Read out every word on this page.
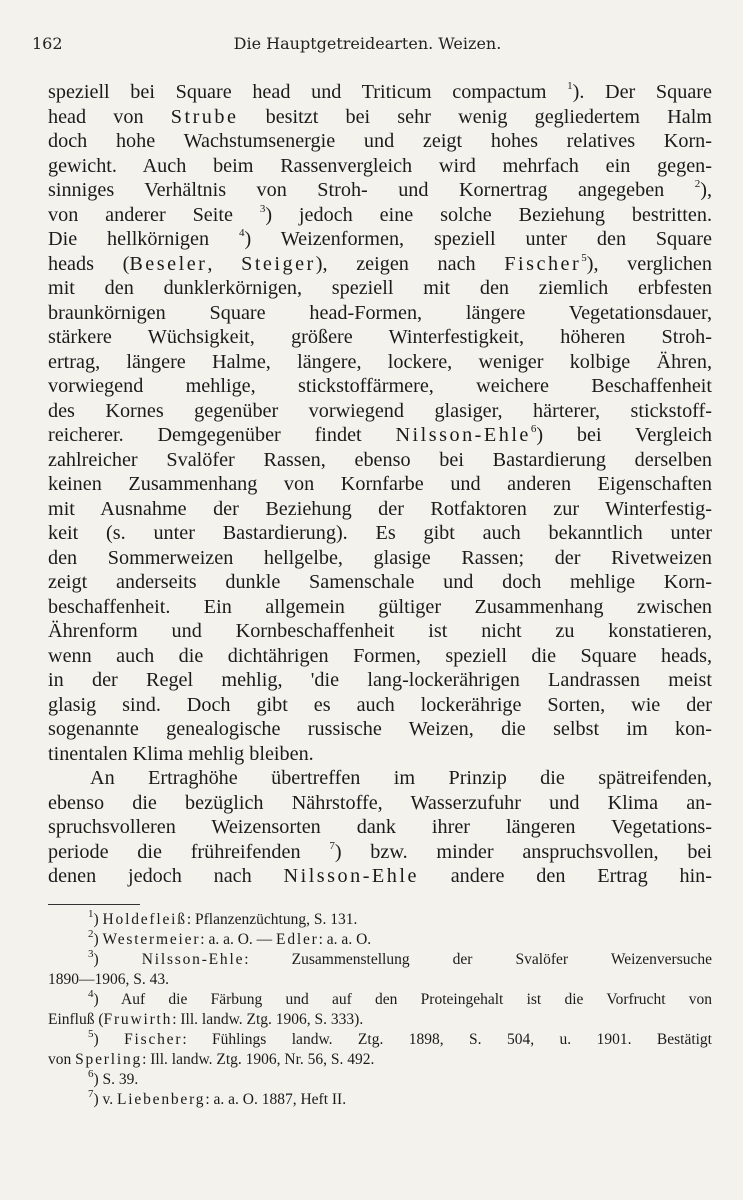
162	Die Hauptgetreidearten. Weizen.
speziell bei Square head und Triticum compactum $^1$). Der Square
head von Strube besitzt bei sehr wenig gegliedertem Halm
doch hohe Wachstumsenergie und zeigt hohes relatives Korn-
gewicht. Auch beim Rassenvergleich wird mehrfach ein gegen-
sinniges Verhältnis von Stroh- und Kornertrag angegeben $^2$),
von anderer Seite $^3$) jedoch eine solche Beziehung bestritten.
Die hellkörnigen $^4$) Weizenformen, speziell unter den Square
heads (Beseler, Steiger), zeigen nach Fischer$^5$), verglichen
mit den dunklerkörnigen, speziell mit den ziemlich erbfesten
braunkörnigen Square head-Formen, längere Vegetationsdauer,
stärkere Wüchsigkeit, größere Winterfestigkeit, höheren Stroh-
ertrag, längere Halme, längere, lockere, weniger kolbige Ähren,
vorwiegend mehlige, stickstoffärmere, weichere Beschaffenheit
des Kornes gegenüber vorwiegend glasiger, härterer, stickstoff-
reicherer. Demgegenüber findet Nilsson-Ehle$^6$) bei Vergleich
zahlreicher Svalöfer Rassen, ebenso bei Bastardierung derselben
keinen Zusammenhang von Kornfarbe und anderen Eigenschaften
mit Ausnahme der Beziehung der Rotfaktoren zur Winterfestig-
keit (s. unter Bastardierung). Es gibt auch bekanntlich unter
den Sommerweizen hellgelbe, glasige Rassen; der Rivetweizen
zeigt anderseits dunkle Samenschale und doch mehlige Korn-
beschaffenheit. Ein allgemein gültiger Zusammenhang zwischen
Ährenform und Kornbeschaffenheit ist nicht zu konstatieren,
wenn auch die dichtährigen Formen, speziell die Square heads,
in der Regel mehlig, 'die lang-lockerährigen Landrassen meist
glasig sind. Doch gibt es auch lockerährige Sorten, wie der
sogenannte genealogische russische Weizen, die selbst im kon-
tinentalen Klima mehlig bleiben.
An Ertraghöhe übertreffen im Prinzip die spätreifenden,
ebenso die bezüglich Nährstoffe, Wasserzufuhr und Klima an-
spruchsvolleren Weizensorten dank ihrer längeren Vegetations-
periode die frühreifenden $^7$) bzw. minder anspruchsvollen, bei
denen jedoch nach Nilsson-Ehle andere den Ertrag hin-
$^1$) Holdefleiß: Pflanzenzüchtung, S. 131.
$^2$) Westermeier: a. a. O. — Edler: a. a. O.
$^3$) Nilsson-Ehle: Zusammenstellung der Svalöfer Weizenversuche
1890—1906, S. 43.
$^4$) Auf die Färbung und auf den Proteingehalt ist die Vorfrucht von
Einfluß (Fruwirth: Ill. landw. Ztg. 1906, S. 333).
$^5$) Fischer: Fühlings landw. Ztg. 1898, S. 504, u. 1901. Bestätigt
von Sperling: Ill. landw. Ztg. 1906, Nr. 56, S. 492.
$^6$) S. 39.
$^7$) v. Liebenberg: a. a. O. 1887, Heft II.
